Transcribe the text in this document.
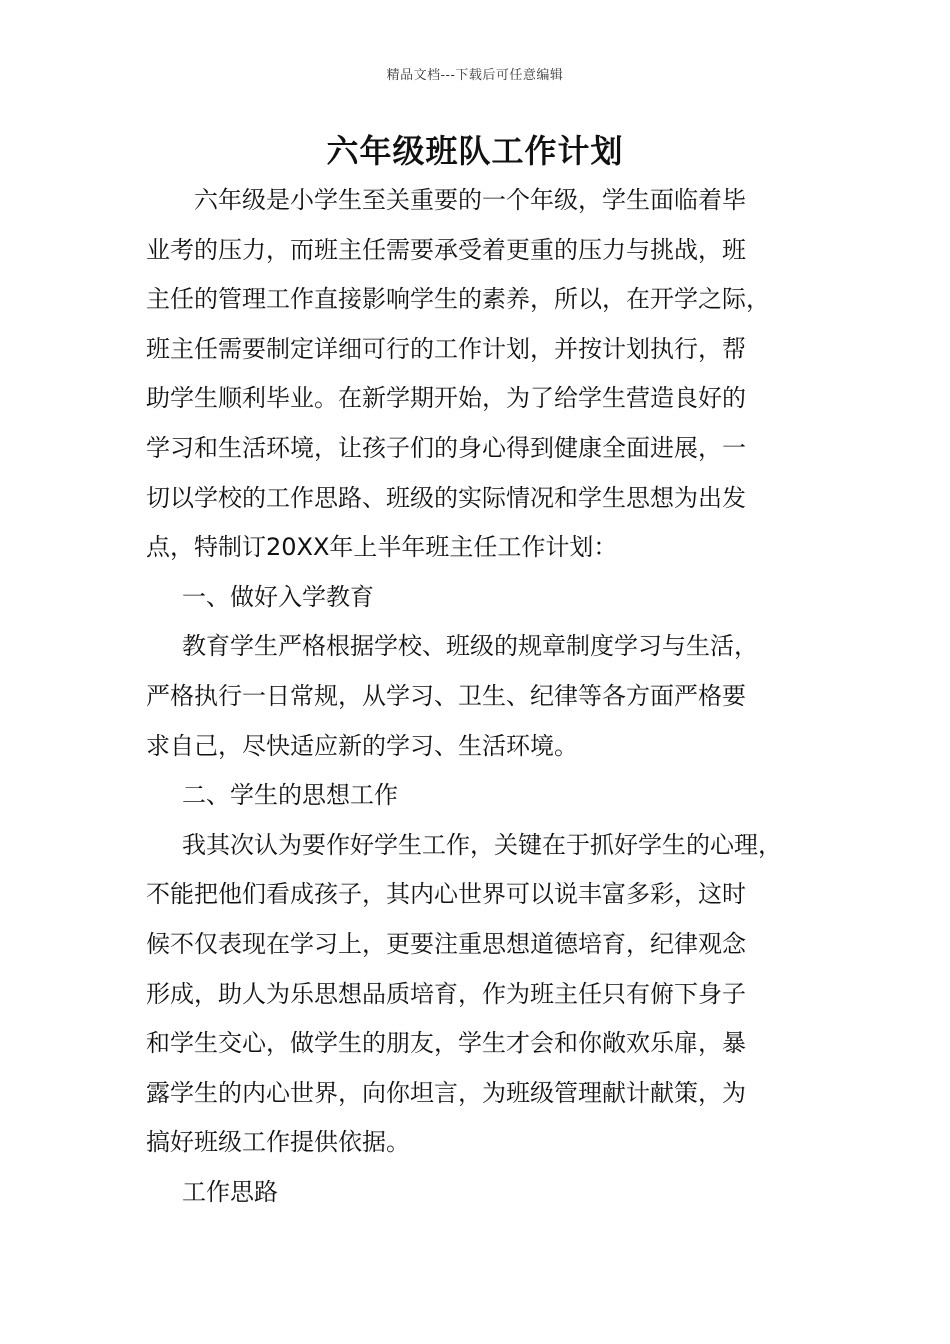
精品文档---下载后可任意编辑
六年级班队工作计划
六年级是小学生至关重要的一个年级，学生面临着毕
业考的压力，而班主任需要承受着更重的压力与挑战，班
主任的管理工作直接影响学生的素养，所以，在开学之际，
班主任需要制定详细可行的工作计划，并按计划执行，帮
助学生顺利毕业。在新学期开始，为了给学生营造良好的
学习和生活环境，让孩子们的身心得到健康全面进展，一
切以学校的工作思路、班级的实际情况和学生思想为出发
点，特制订20XX年上半年班主任工作计划：
一、做好入学教育
教育学生严格根据学校、班级的规章制度学习与生活，
严格执行一日常规，从学习、卫生、纪律等各方面严格要
求自己，尽快适应新的学习、生活环境。
二、学生的思想工作
我其次认为要作好学生工作，关键在于抓好学生的心理，
不能把他们看成孩子，其内心世界可以说丰富多彩，这时
候不仅表现在学习上，更要注重思想道德培育，纪律观念
形成，助人为乐思想品质培育，作为班主任只有俯下身子
和学生交心，做学生的朋友，学生才会和你敞欢乐扉，暴
露学生的内心世界，向你坦言，为班级管理献计献策，为
搞好班级工作提供依据。
工作思路
